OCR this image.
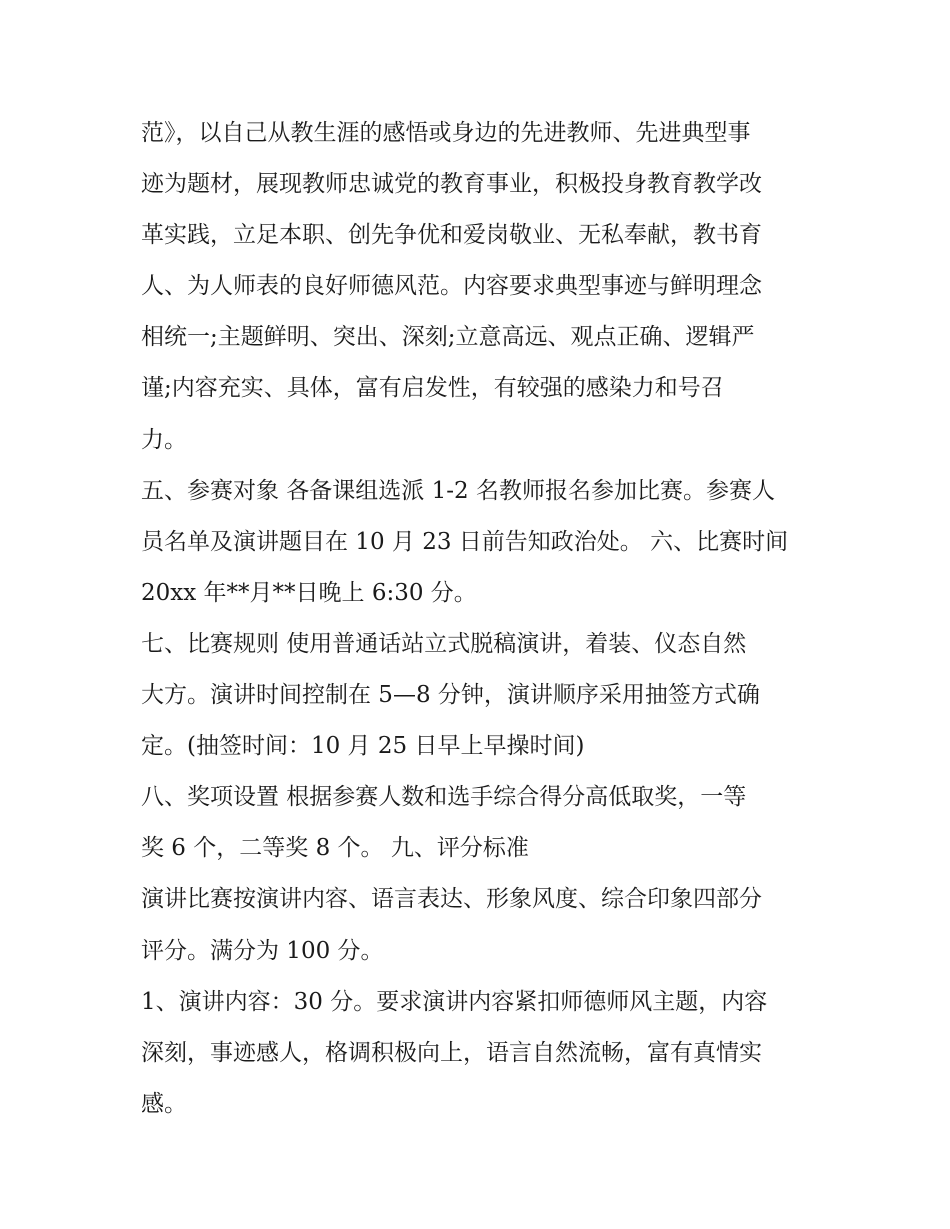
范》，以自己从教生涯的感悟或身边的先进教师、先进典型事
迹为题材，展现教师忠诚党的教育事业，积极投身教育教学改
革实践，立足本职、创先争优和爱岗敬业、无私奉献，教书育
人、为人师表的良好师德风范。内容要求典型事迹与鲜明理念
相统一;主题鲜明、突出、深刻;立意高远、观点正确、逻辑严
谨;内容充实、具体，富有启发性，有较强的感染力和号召
力。
五、参赛对象 各备课组选派 1-2 名教师报名参加比赛。参赛人
员名单及演讲题目在 10 月 23 日前告知政治处。 六、比赛时间
20xx 年**月**日晚上 6:30 分。
七、比赛规则 使用普通话站立式脱稿演讲，着装、仪态自然
大方。演讲时间控制在 5—8 分钟，演讲顺序采用抽签方式确
定。(抽签时间：10 月 25 日早上早操时间)
八、奖项设置 根据参赛人数和选手综合得分高低取奖，一等
奖 6 个，二等奖 8 个。 九、评分标准
演讲比赛按演讲内容、语言表达、形象风度、综合印象四部分
评分。满分为 100 分。
1、演讲内容：30 分。要求演讲内容紧扣师德师风主题，内容
深刻，事迹感人，格调积极向上，语言自然流畅，富有真情实
感。
